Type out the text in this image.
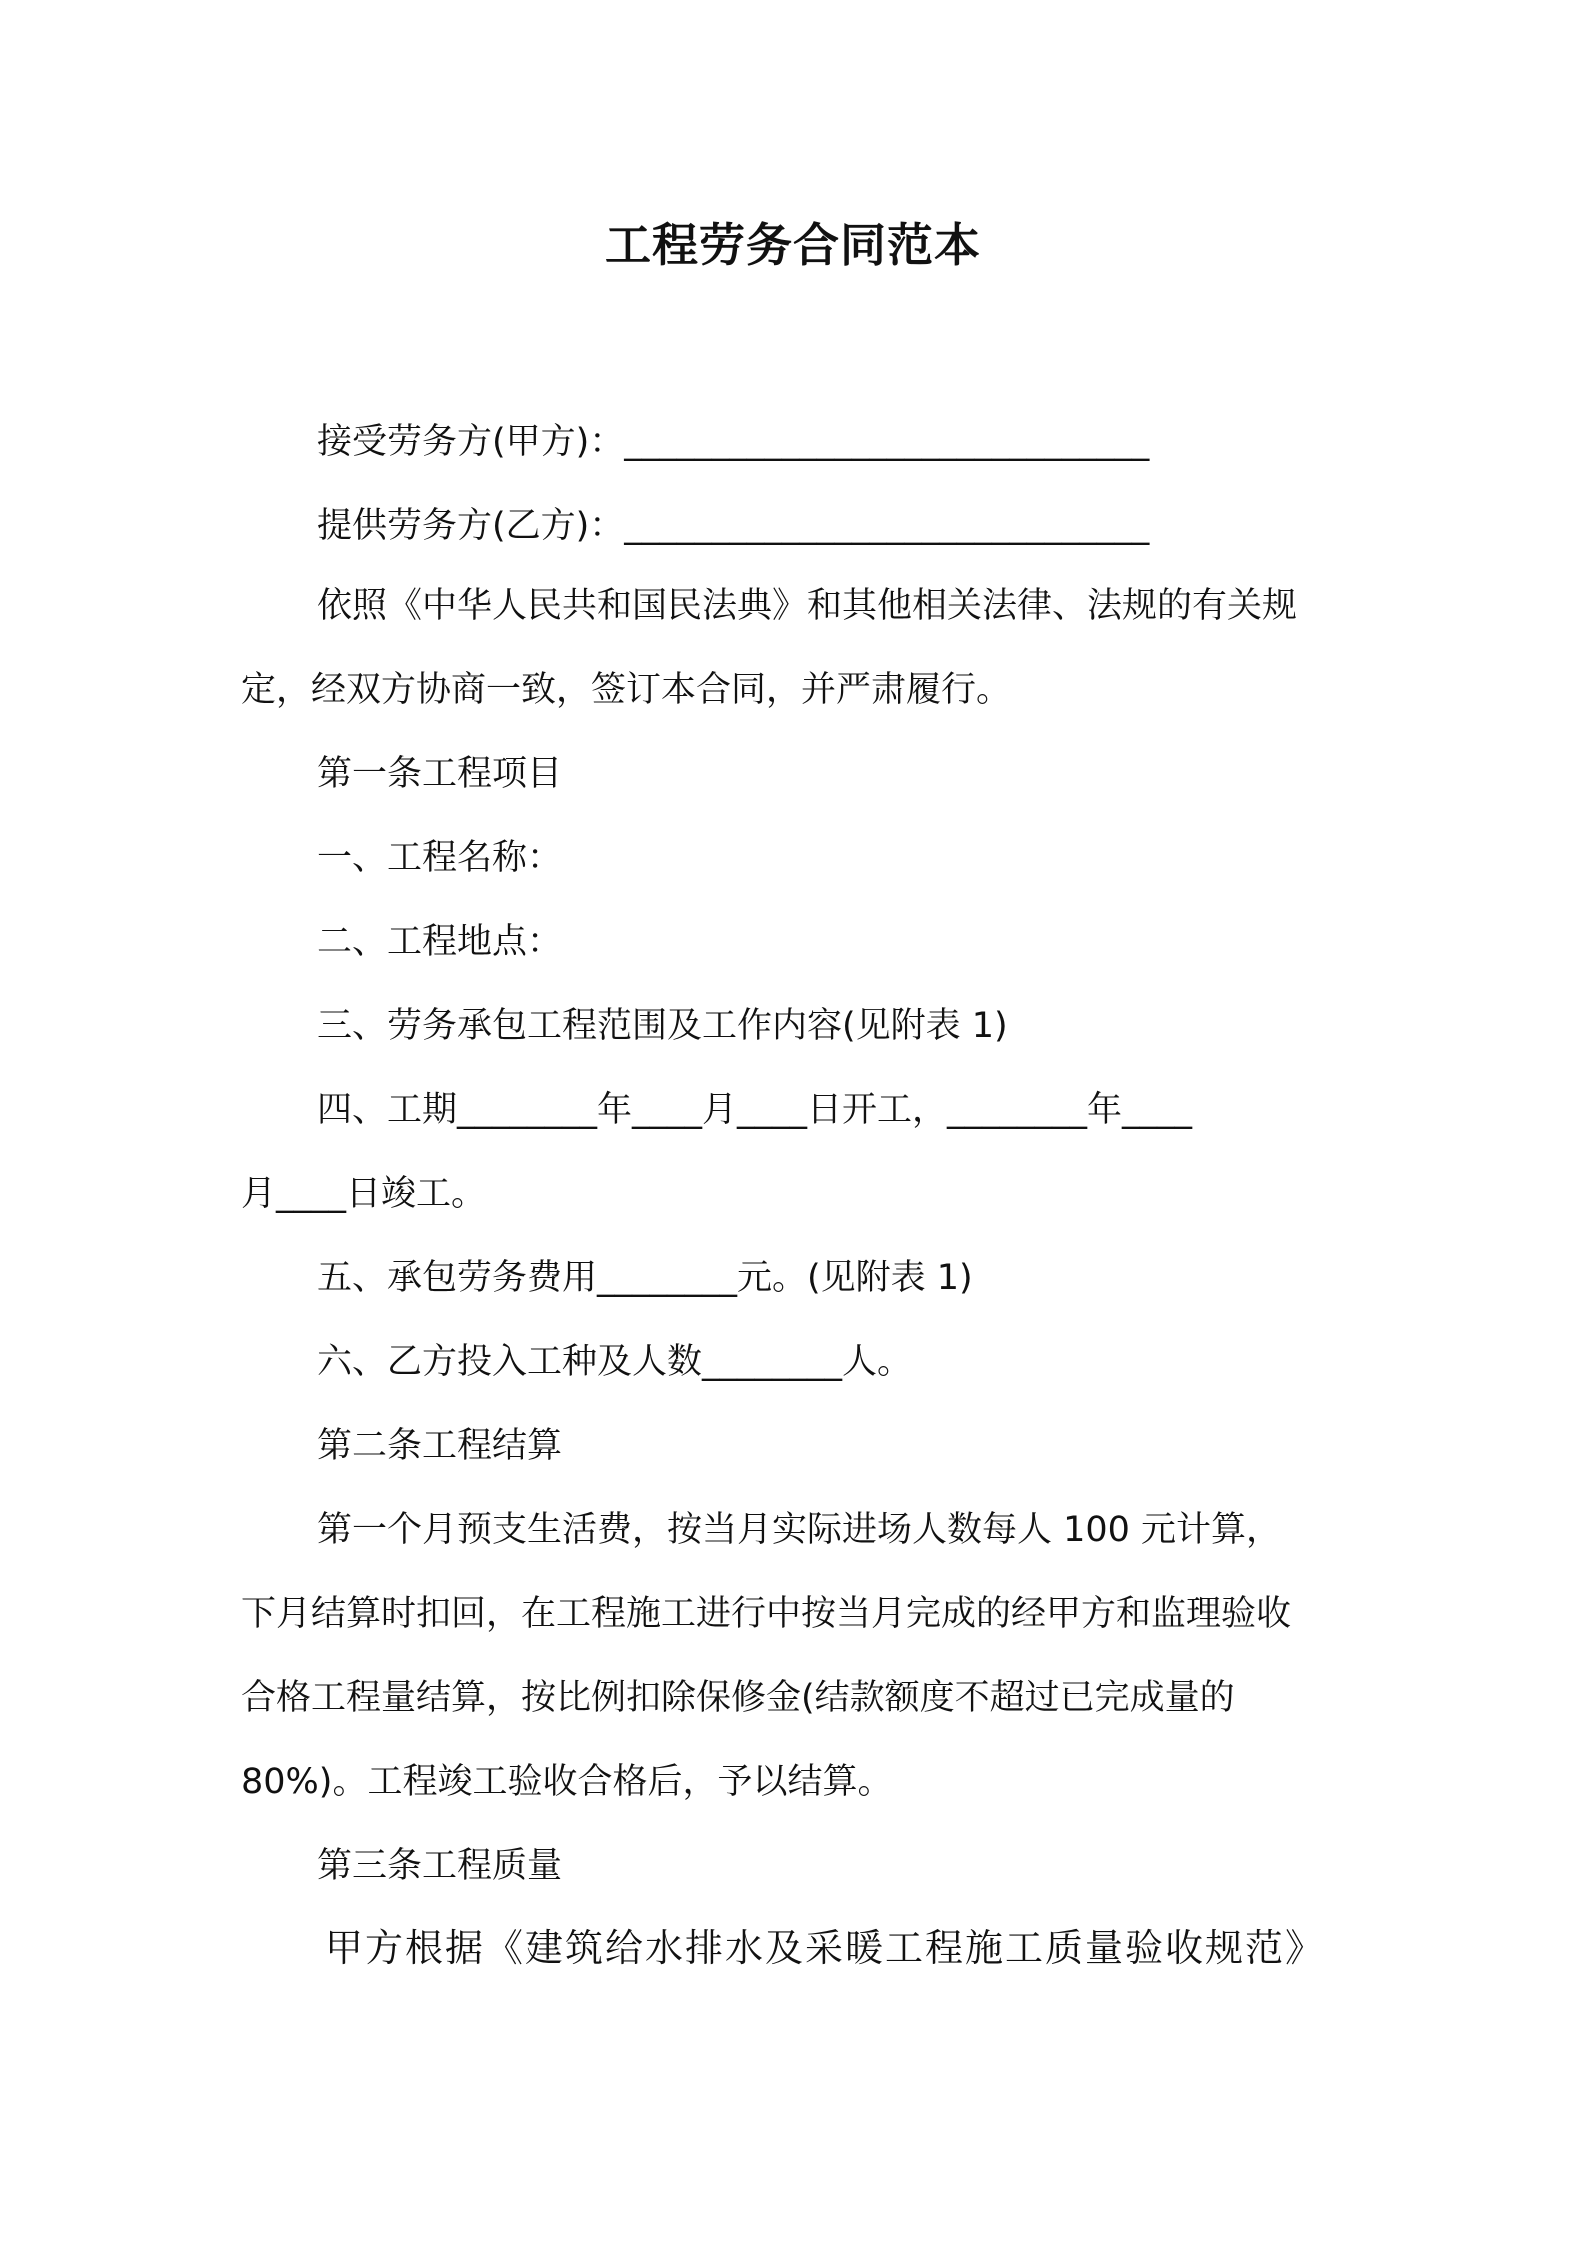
工程劳务合同范本
接受劳务方(甲方)：______________________________
提供劳务方(乙方)：______________________________
依照《中华人民共和国民法典》和其他相关法律、法规的有关规
定，经双方协商一致，签订本合同，并严肃履行。
第一条工程项目
一、工程名称：
二、工程地点：
三、劳务承包工程范围及工作内容(见附表 1)
四、工期________年____月____日开工，________年____
月____日竣工。
五、承包劳务费用________元。(见附表 1)
六、乙方投入工种及人数________人。
第二条工程结算
第一个月预支生活费，按当月实际进场人数每人 100 元计算，
下月结算时扣回，在工程施工进行中按当月完成的经甲方和监理验收
合格工程量结算，按比例扣除保修金(结款额度不超过已完成量的
80%)。工程竣工验收合格后，予以结算。
第三条工程质量
甲方根据《建筑给水排水及采暖工程施工质量验收规范》
